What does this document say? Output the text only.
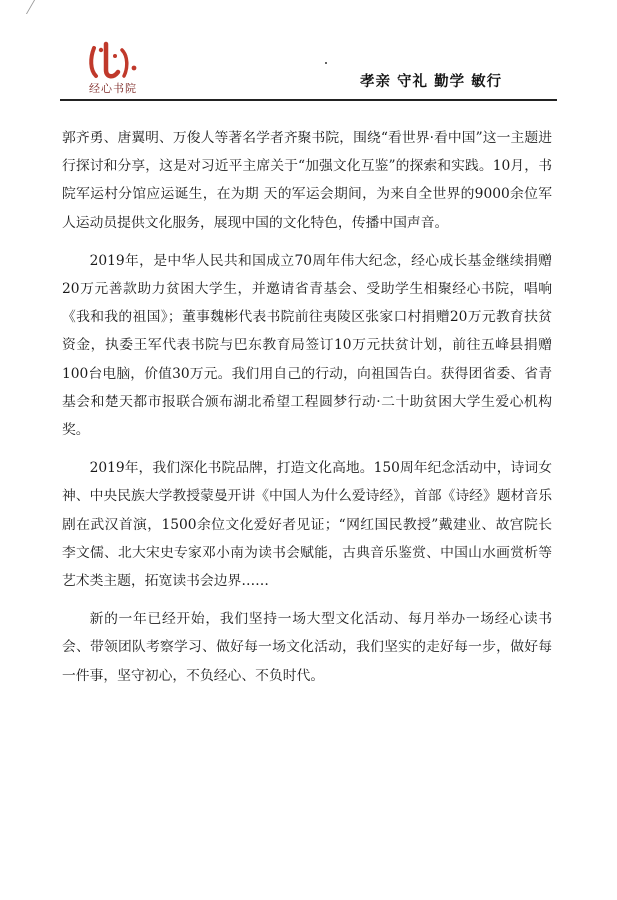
经心书院	孝亲 守礼 勤学 敏行

郭齐勇、唐翼明、万俊人等著名学者齐聚书院，围绕“看世界·看中国”这一主题进行探讨和分享，这是对习近平主席关于“加强文化互鉴”的探索和实践。10月，书院军运村分馆应运诞生，在为期 天的军运会期间，为来自全世界的9000余位军人运动员提供文化服务，展现中国的文化特色，传播中国声音。

2019年，是中华人民共和国成立70周年伟大纪念，经心成长基金继续捐赠20万元善款助力贫困大学生，并邀请省青基会、受助学生相聚经心书院，唱响《我和我的祖国》；董事魏彬代表书院前往夷陵区张家口村捐赠20万元教育扶贫资金，执委王军代表书院与巴东教育局签订10万元扶贫计划，前往五峰县捐赠100台电脑，价值30万元。我们用自己的行动，向祖国告白。获得团省委、省青基会和楚天都市报联合颁布湖北希望工程圆梦行动·二十助贫困大学生爱心机构奖。

2019年，我们深化书院品牌，打造文化高地。150周年纪念活动中，诗词女神、中央民族大学教授蒙曼开讲《中国人为什么爱诗经》，首部《诗经》题材音乐剧在武汉首演，1500余位文化爱好者见证；“网红国民教授”戴建业、故宫院长李文儒、北大宋史专家邓小南为读书会赋能，古典音乐鉴赏、中国山水画赏析等艺术类主题，拓宽读书会边界……

新的一年已经开始，我们坚持一场大型文化活动、每月举办一场经心读书会、带领团队考察学习、做好每一场文化活动，我们坚实的走好每一步，做好每一件事，坚守初心，不负经心、不负时代。
